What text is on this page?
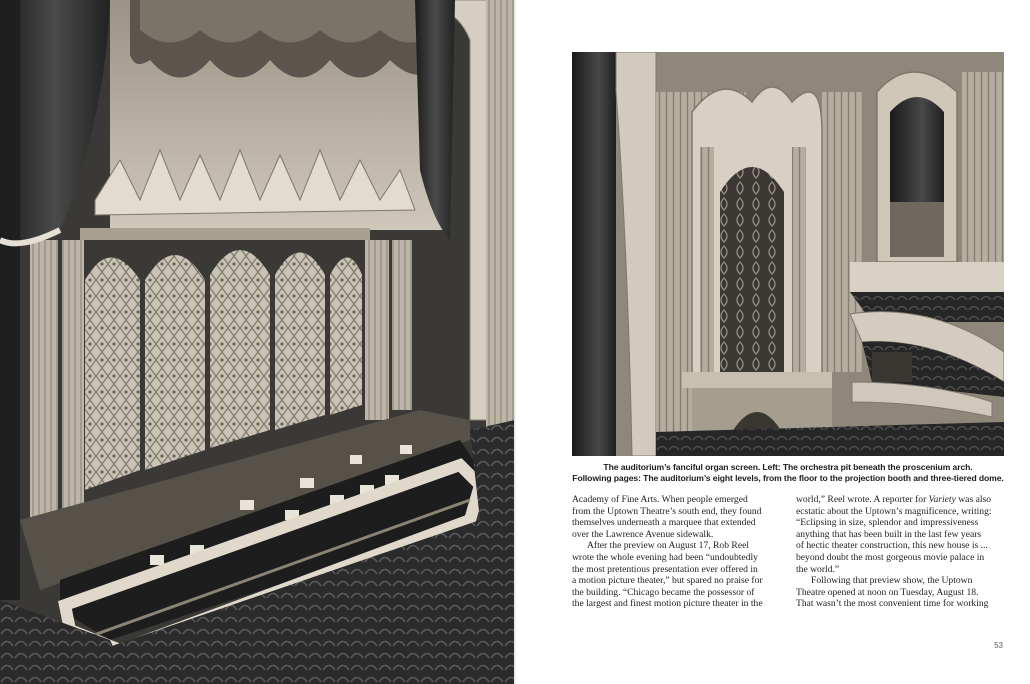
The auditorium’s fanciful organ screen. Left: The orchestra pit beneath the proscenium arch.
Following pages: The auditorium’s eight levels, from the floor to the projection booth and three-tiered dome.
Academy of Fine Arts. When people emerged
from the Uptown Theatre’s south end, they found
themselves underneath a marquee that extended
over the Lawrence Avenue sidewalk.
After the preview on August 17, Rob Reel
wrote the whole evening had been “undoubtedly
the most pretentious presentation ever offered in
a motion picture theater,” but spared no praise for
the building. “Chicago became the possessor of
the largest and finest motion picture theater in the
world,” Reel wrote. A reporter for Variety was also
ecstatic about the Uptown’s magnificence, writing:
“Eclipsing in size, splendor and impressiveness
anything that has been built in the last few years
of hectic theater construction, this new house is ...
beyond doubt the most gorgeous movie palace in
the world.”
Following that preview show, the Uptown
Theatre opened at noon on Tuesday, August 18.
That wasn’t the most convenient time for working
53
